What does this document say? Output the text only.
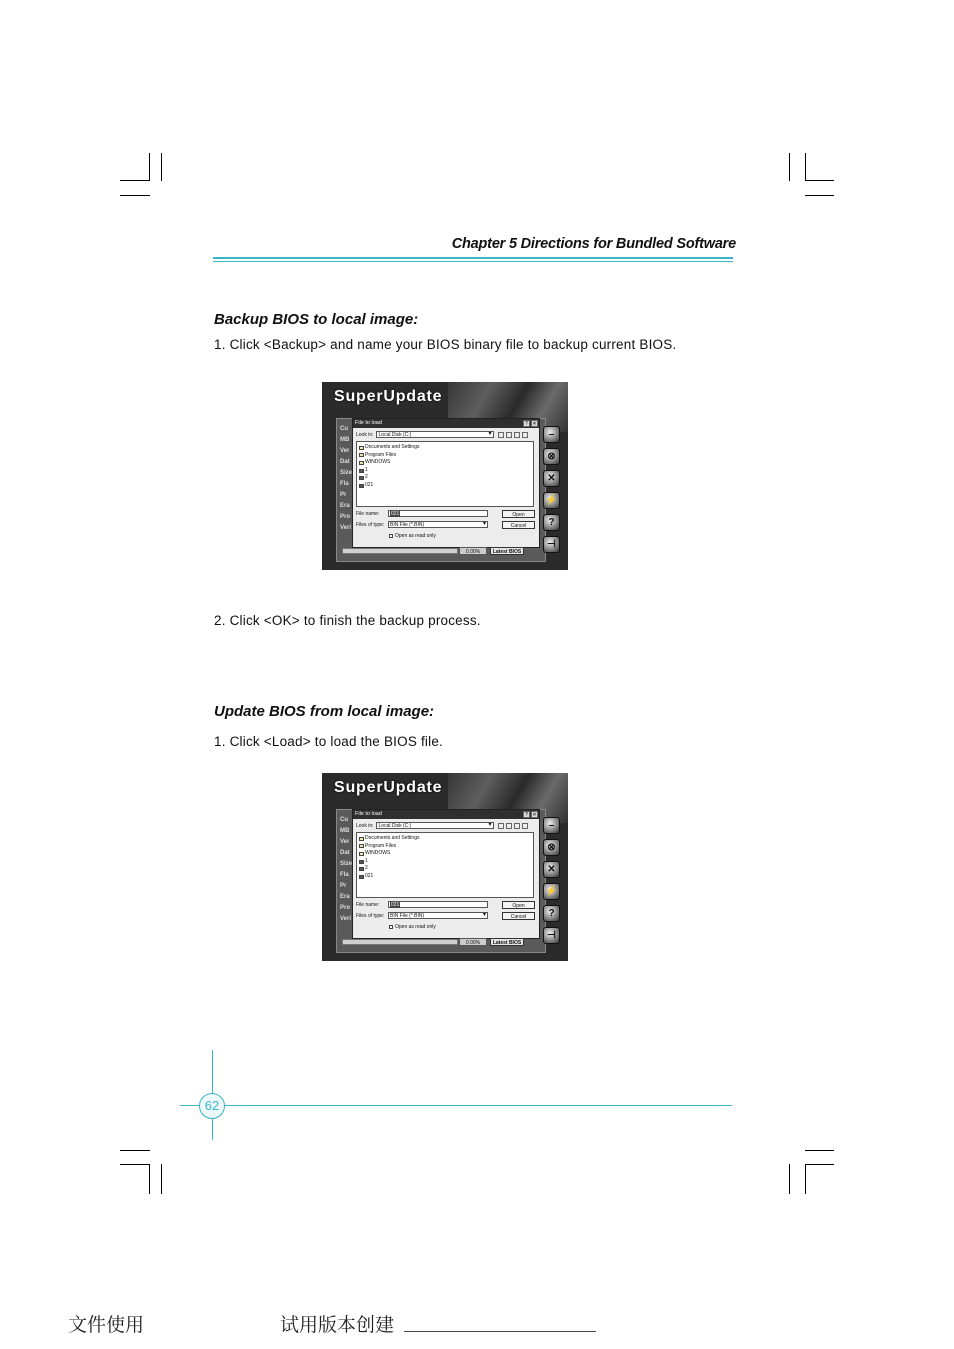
Chapter 5 Directions for Bundled Software
Backup BIOS to local image:
1. Click <Backup> and name your BIOS binary file to backup current BIOS.
SuperUpdate
Cu
MB
Ver
Dat
Size
Fla
Pr
Era
Pro
Veri
File to load	? ✕
Look in:	Local Disk (C:) ▾
Documents and Settings
Program Files
WINDOWS
1
2
021
File name:	021	Open
Files of type:	BIN File (*.BIN) ▾	Cancel
Open as read only
0.00%	Latest BIOS
–
⊗
✕
⚡
?
⊣
2. Click <OK> to finish the backup process.
Update BIOS from local image:
1. Click <Load> to load the BIOS file.
SuperUpdate
Cu
MB
Ver
Dat
Size
Fla
Pr
Era
Pro
Veri
File to load	? ✕
Look in:	Local Disk (C:) ▾
Documents and Settings
Program Files
WINDOWS
1
2
021
File name:	021	Open
Files of type:	BIN File (*.BIN) ▾	Cancel
Open as read only
0.00%	Latest BIOS
–
⊗
✕
⚡
?
⊣
62
文件使用	试用版本创建
